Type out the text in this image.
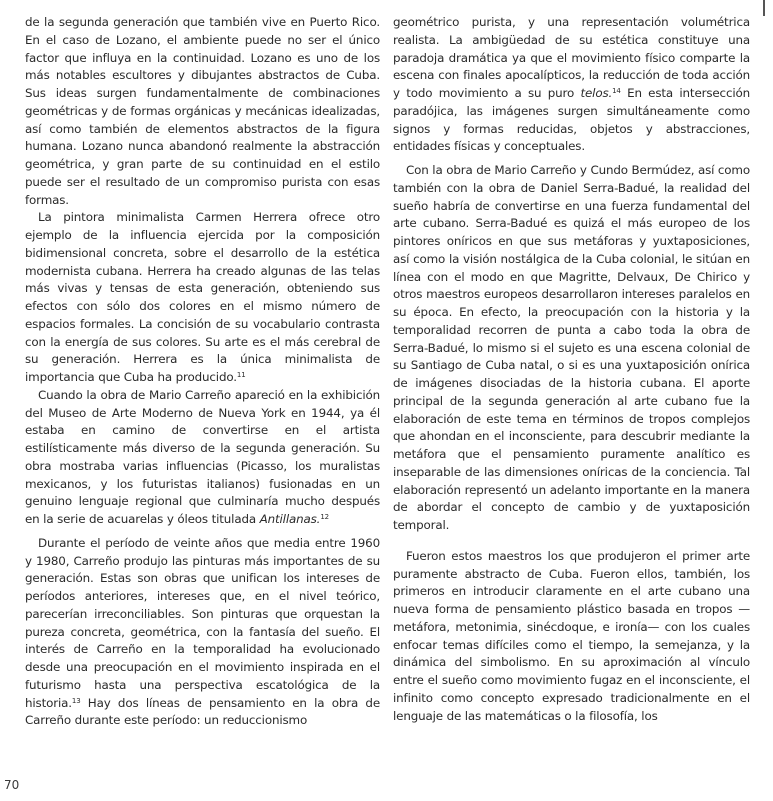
de la segunda generación que también vive en Puerto Rico. En el caso de Lozano, el ambiente puede no ser el único factor que influya en la continuidad. Lozano es uno de los más notables escultores y dibujantes abstractos de Cuba. Sus ideas surgen fundamentalmente de combinaciones geométricas y de formas orgánicas y mecánicas idealizadas, así como también de elementos abstractos de la figura humana. Lozano nunca abandonó realmente la abstracción geométrica, y gran parte de su continuidad en el estilo puede ser el resultado de un compromiso purista con esas formas.

La pintora minimalista Carmen Herrera ofrece otro ejemplo de la influencia ejercida por la composición bidimensional concreta, sobre el desarrollo de la estética modernista cubana. Herrera ha creado algunas de las telas más vivas y tensas de esta generación, obteniendo sus efectos con sólo dos colores en el mismo número de espacios formales. La concisión de su vocabulario contrasta con la energía de sus colores. Su arte es el más cerebral de su generación. Herrera es la única minimalista de importancia que Cuba ha producido.$^{11}$

Cuando la obra de Mario Carreño apareció en la exhibición del Museo de Arte Moderno de Nueva York en 1944, ya él estaba en camino de convertirse en el artista estilísticamente más diverso de la segunda generación. Su obra mostraba varias influencias (Picasso, los muralistas mexicanos, y los futuristas italianos) fusionadas en un genuino lenguaje regional que culminaría mucho después en la serie de acuarelas y óleos titulada Antillanas.$^{12}$

Durante el período de veinte años que media entre 1960 y 1980, Carreño produjo las pinturas más importantes de su generación. Estas son obras que unifican los intereses de períodos anteriores, intereses que, en el nivel teórico, parecerían irreconciliables. Son pinturas que orquestan la pureza concreta, geométrica, con la fantasía del sueño. El interés de Carreño en la temporalidad ha evolucionado desde una preocupación en el movimiento inspirada en el futurismo hasta una perspectiva escatológica de la historia.$^{13}$ Hay dos líneas de pensamiento en la obra de Carreño durante este período: un reduccionismo

geométrico purista, y una representación volumétrica realista. La ambigüedad de su estética constituye una paradoja dramática ya que el movimiento físico comparte la escena con finales apocalípticos, la reducción de toda acción y todo movimiento a su puro telos.$^{14}$ En esta intersección paradójica, las imágenes surgen simultáneamente como signos y formas reducidas, objetos y abstracciones, entidades físicas y conceptuales.

Con la obra de Mario Carreño y Cundo Bermúdez, así como también con la obra de Daniel Serra-Badué, la realidad del sueño habría de convertirse en una fuerza fundamental del arte cubano. Serra-Badué es quizá el más europeo de los pintores oníricos en que sus metáforas y yuxtaposiciones, así como la visión nostálgica de la Cuba colonial, le sitúan en línea con el modo en que Magritte, Delvaux, De Chirico y otros maestros europeos desarrollaron intereses paralelos en su época. En efecto, la preocupación con la historia y la temporalidad recorren de punta a cabo toda la obra de Serra-Badué, lo mismo si el sujeto es una escena colonial de su Santiago de Cuba natal, o si es una yuxtaposición onírica de imágenes disociadas de la historia cubana. El aporte principal de la segunda generación al arte cubano fue la elaboración de este tema en términos de tropos complejos que ahondan en el inconsciente, para descubrir mediante la metáfora que el pensamiento puramente analítico es inseparable de las dimensiones oníricas de la conciencia. Tal elaboración representó un adelanto importante en la manera de abordar el concepto de cambio y de yuxtaposición temporal.

Fueron estos maestros los que produjeron el primer arte puramente abstracto de Cuba. Fueron ellos, también, los primeros en introducir claramente en el arte cubano una nueva forma de pensamiento plástico basada en tropos —metáfora, metonimia, sinécdoque, e ironía— con los cuales enfocar temas difíciles como el tiempo, la semejanza, y la dinámica del simbolismo. En su aproximación al vínculo entre el sueño como movimiento fugaz en el inconsciente, el infinito como concepto expresado tradicionalmente en el lenguaje de las matemáticas o la filosofía, los

70
